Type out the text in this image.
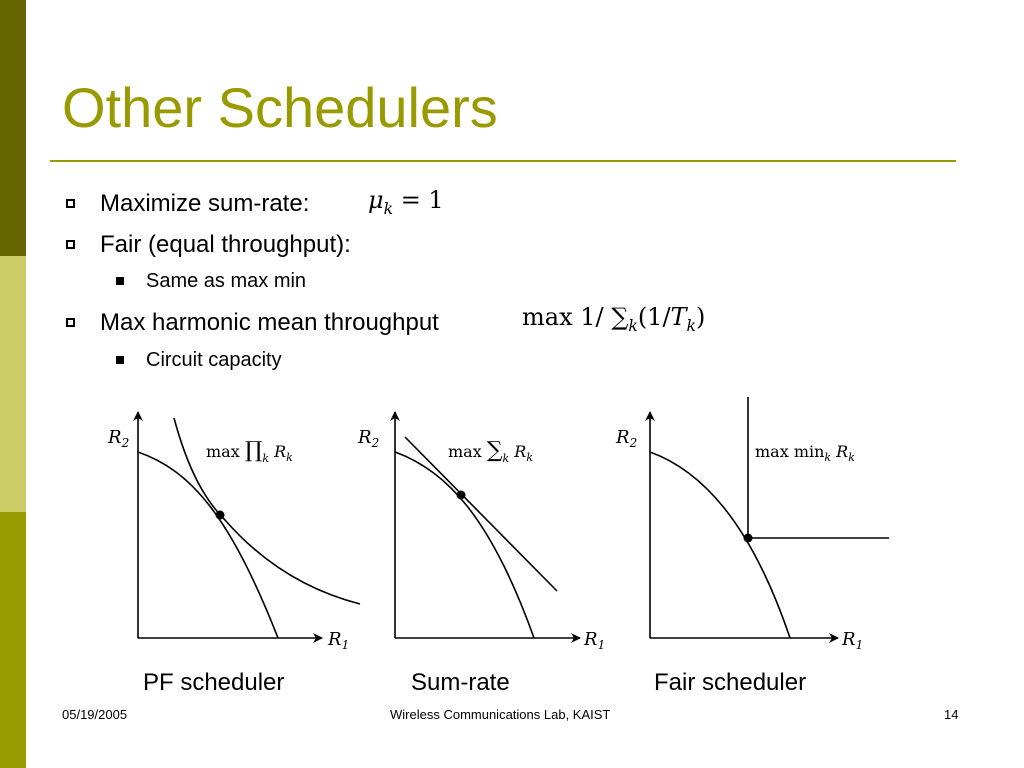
Other Schedulers
Maximize sum-rate: $\mu_k = 1$
Fair (equal throughput):
Same as max min
Max harmonic mean throughput	max 1/ $\sum_k(1/T_k)$
Circuit capacity
$R_2$
$R_1$
$\max \prod_k$ $R_k$
$R_2$
$R_1$
$\max \sum_k$ $R_k$
$R_2$
$R_1$
$\max \min_k R_k$
PF scheduler	Sum-rate	Fair scheduler
05/19/2005	Wireless Communications Lab, KAIST	14
